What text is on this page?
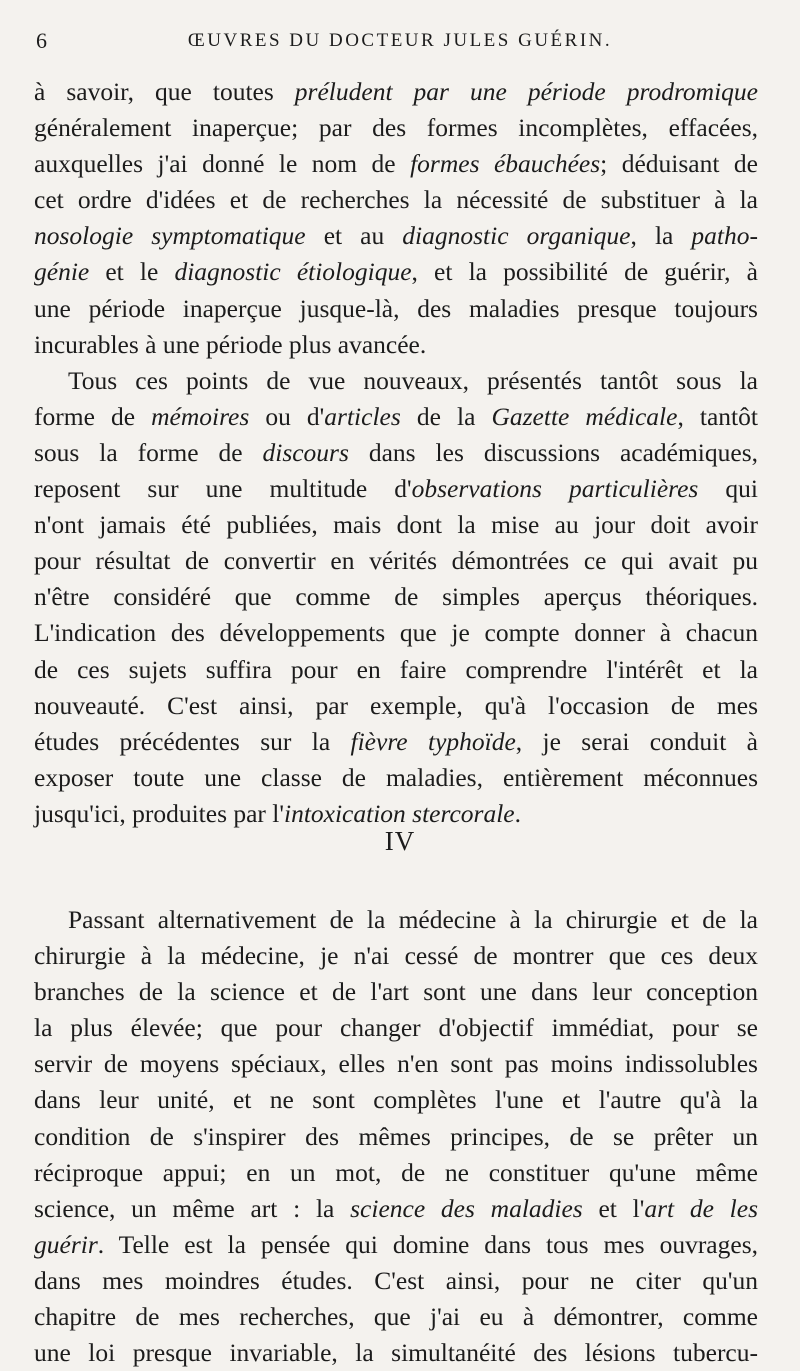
6	ŒUVRES DU DOCTEUR JULES GUÉRIN.
à savoir, que toutes préludent par une période prodromique
généralement inaperçue; par des formes incomplètes, effacées,
auxquelles j'ai donné le nom de formes ébauchées; déduisant de
cet ordre d'idées et de recherches la nécessité de substituer à la
nosologie symptomatique et au diagnostic organique, la patho-
génie et le diagnostic étiologique, et la possibilité de guérir, à
une période inaperçue jusque-là, des maladies presque toujours
incurables à une période plus avancée.
Tous ces points de vue nouveaux, présentés tantôt sous la
forme de mémoires ou d'articles de la Gazette médicale, tantôt
sous la forme de discours dans les discussions académiques,
reposent sur une multitude d'observations particulières qui
n'ont jamais été publiées, mais dont la mise au jour doit avoir
pour résultat de convertir en vérités démontrées ce qui avait pu
n'être considéré que comme de simples aperçus théoriques.
L'indication des développements que je compte donner à chacun
de ces sujets suffira pour en faire comprendre l'intérêt et la
nouveauté. C'est ainsi, par exemple, qu'à l'occasion de mes
études précédentes sur la fièvre typhoïde, je serai conduit à
exposer toute une classe de maladies, entièrement méconnues
jusqu'ici, produites par l'intoxication stercorale.
IV
Passant alternativement de la médecine à la chirurgie et de la
chirurgie à la médecine, je n'ai cessé de montrer que ces deux
branches de la science et de l'art sont une dans leur conception
la plus élevée; que pour changer d'objectif immédiat, pour se
servir de moyens spéciaux, elles n'en sont pas moins indissolubles
dans leur unité, et ne sont complètes l'une et l'autre qu'à la
condition de s'inspirer des mêmes principes, de se prêter un
réciproque appui; en un mot, de ne constituer qu'une même
science, un même art : la science des maladies et l'art de les
guérir. Telle est la pensée qui domine dans tous mes ouvrages,
dans mes moindres études. C'est ainsi, pour ne citer qu'un
chapitre de mes recherches, que j'ai eu à démontrer, comme
une loi presque invariable, la simultanéité des lésions tubercu-
